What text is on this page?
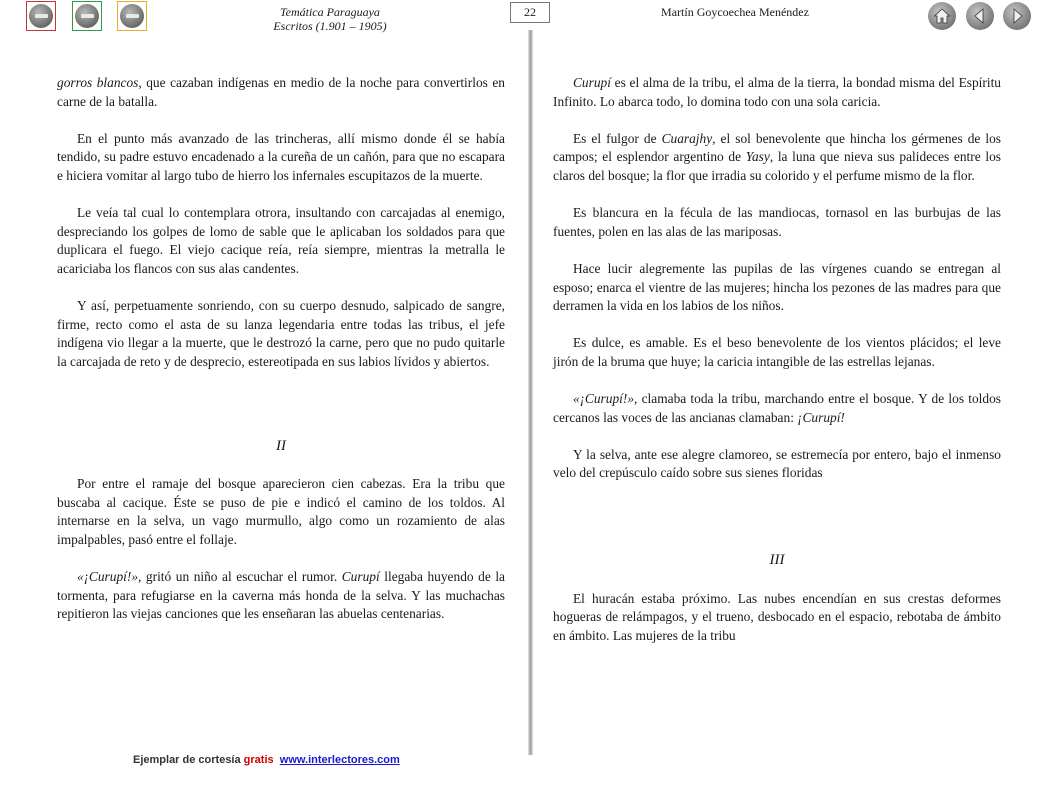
Temática Paraguaya
Escritos (1.901 – 1905)
22	Martín Goycoechea Menéndez

gorros blancos, que cazaban indígenas en medio de la noche para convertirlos en carne de la batalla.

En el punto más avanzado de las trincheras, allí mismo donde él se había tendido, su padre estuvo encadenado a la cureña de un cañón, para que no escapara e hiciera vomitar al largo tubo de hierro los infernales escupitazos de la muerte.

Le veía tal cual lo contemplara otrora, insultando con carcajadas al enemigo, despreciando los golpes de lomo de sable que le aplicaban los soldados para que duplicara el fuego. El viejo cacique reía, reía siempre, mientras la metralla le acariciaba los flancos con sus alas candentes.

Y así, perpetuamente sonriendo, con su cuerpo desnudo, salpicado de sangre, firme, recto como el asta de su lanza legendaria entre todas las tribus, el jefe indígena vio llegar a la muerte, que le destrozó la carne, pero que no pudo quitarle la carcajada de reto y de desprecio, estereotipada en sus labios lívidos y abiertos.

II

Por entre el ramaje del bosque aparecieron cien cabezas. Era la tribu que buscaba al cacique. Éste se puso de pie e indicó el camino de los toldos. Al internarse en la selva, un vago murmullo, algo como un rozamiento de alas impalpables, pasó entre el follaje.

«¡Curupí!», gritó un niño al escuchar el rumor. Curupí llegaba huyendo de la tormenta, para refugiarse en la caverna más honda de la selva. Y las muchachas repitieron las viejas canciones que les enseñaran las abuelas centenarias.

Curupí es el alma de la tribu, el alma de la tierra, la bondad misma del Espíritu Infinito. Lo abarca todo, lo domina todo con una sola caricia.

Es el fulgor de Cuarajhy, el sol benevolente que hincha los gérmenes de los campos; el esplendor argentino de Yasy, la luna que nieva sus palideces entre los claros del bosque; la flor que irradia su colorido y el perfume mismo de la flor.

Es blancura en la fécula de las mandiocas, tornasol en las burbujas de las fuentes, polen en las alas de las mariposas.

Hace lucir alegremente las pupilas de las vírgenes cuando se entregan al esposo; enarca el vientre de las mujeres; hincha los pezones de las madres para que derramen la vida en los labios de los niños.

Es dulce, es amable. Es el beso benevolente de los vientos plácidos; el leve jirón de la bruma que huye; la caricia intangible de las estrellas lejanas.

«¡Curupí!», clamaba toda la tribu, marchando entre el bosque. Y de los toldos cercanos las voces de las ancianas clamaban: ¡Curupí!

Y la selva, ante ese alegre clamoreo, se estremecía por entero, bajo el inmenso velo del crepúsculo caído sobre sus sienes floridas

III

El huracán estaba próximo. Las nubes encendían en sus crestas deformes hogueras de relámpagos, y el trueno, desbocado en el espacio, rebotaba de ámbito en ámbito. Las mujeres de la tribu

Ejemplar de cortesía gratis www.interlectores.com
